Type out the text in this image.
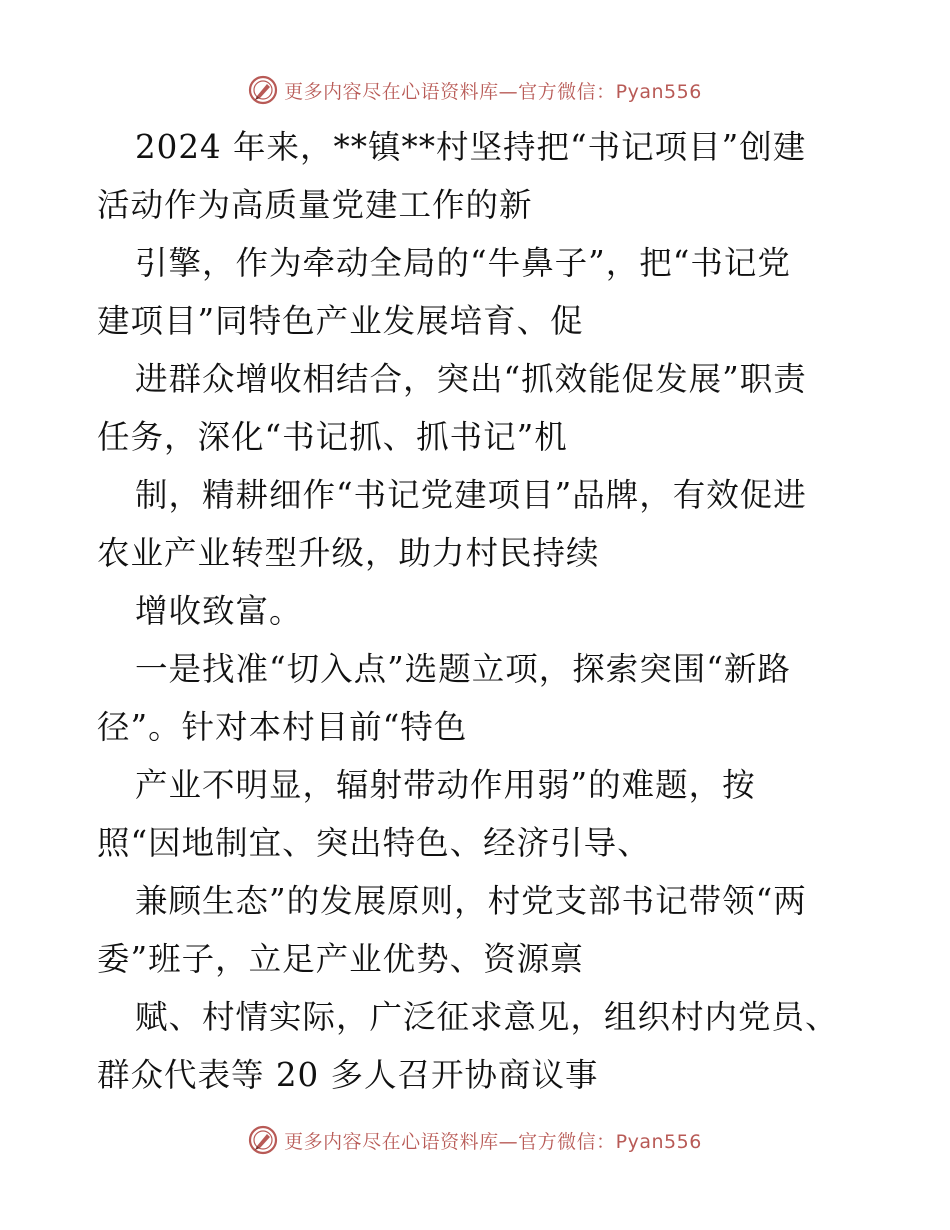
更多内容尽在心语资料库—官方微信：Pyan556
2024 年来，**镇**村坚持把“书记项目”创建
活动作为高质量党建工作的新
引擎，作为牵动全局的“牛鼻子”，把“书记党
建项目”同特色产业发展培育、促
进群众增收相结合，突出“抓效能促发展”职责
任务，深化“书记抓、抓书记”机
制，精耕细作“书记党建项目”品牌，有效促进
农业产业转型升级，助力村民持续
增收致富。
一是找准“切入点”选题立项，探索突围“新路
径”。针对本村目前“特色
产业不明显，辐射带动作用弱”的难题，按
照“因地制宜、突出特色、经济引导、
兼顾生态”的发展原则，村党支部书记带领“两
委”班子，立足产业优势、资源禀
赋、村情实际，广泛征求意见，组织村内党员、
群众代表等 20 多人召开协商议事
更多内容尽在心语资料库—官方微信：Pyan556
